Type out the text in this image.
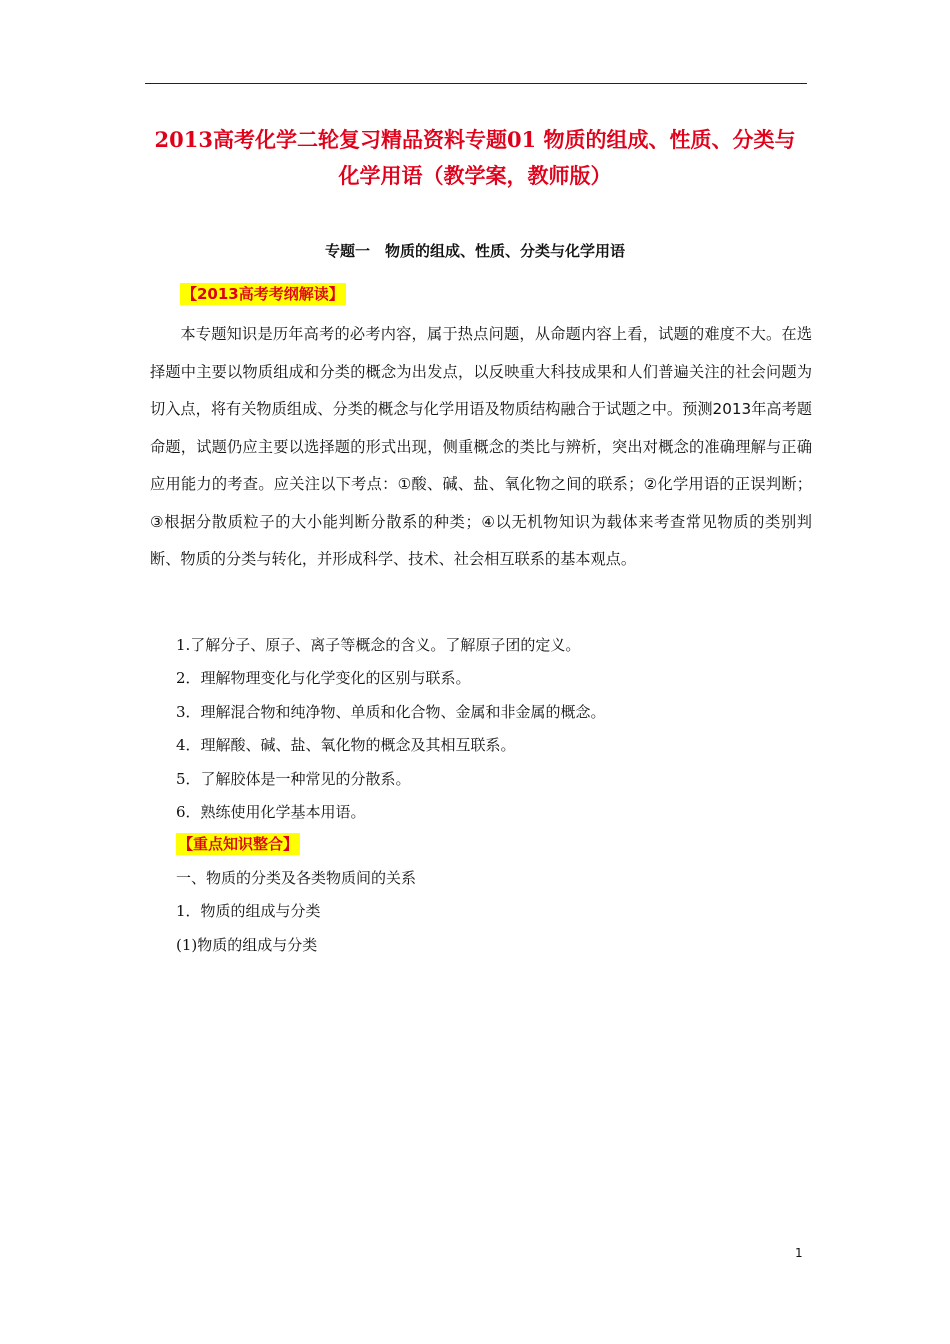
2013高考化学二轮复习精品资料专题01 物质的组成、性质、分类与
化学用语（教学案，教师版）
专题一　物质的组成、性质、分类与化学用语
【2013高考考纲解读】

本专题知识是历年高考的必考内容，属于热点问题，从命题内容上看，试题的难度不大。在选择题中主要以物质组成和分类的概念为出发点，以反映重大科技成果和人们普遍关注的社会问题为切入点，将有关物质组成、分类的概念与化学用语及物质结构融合于试题之中。预测2013年高考题命题，试题仍应主要以选择题的形式出现，侧重概念的类比与辨析，突出对概念的准确理解与正确应用能力的考查。应关注以下考点：①酸、碱、盐、氧化物之间的联系；②化学用语的正误判断；③根据分散质粒子的大小能判断分散系的种类；④以无机物知识为载体来考查常见物质的类别判断、物质的分类与转化，并形成科学、技术、社会相互联系的基本观点。

1.了解分子、原子、离子等概念的含义。了解原子团的定义。
2．理解物理变化与化学变化的区别与联系。
3．理解混合物和纯净物、单质和化合物、金属和非金属的概念。
4．理解酸、碱、盐、氧化物的概念及其相互联系。
5．了解胶体是一种常见的分散系。
6．熟练使用化学基本用语。
【重点知识整合】
一、物质的分类及各类物质间的关系
1．物质的组成与分类
(1)物质的组成与分类
1
